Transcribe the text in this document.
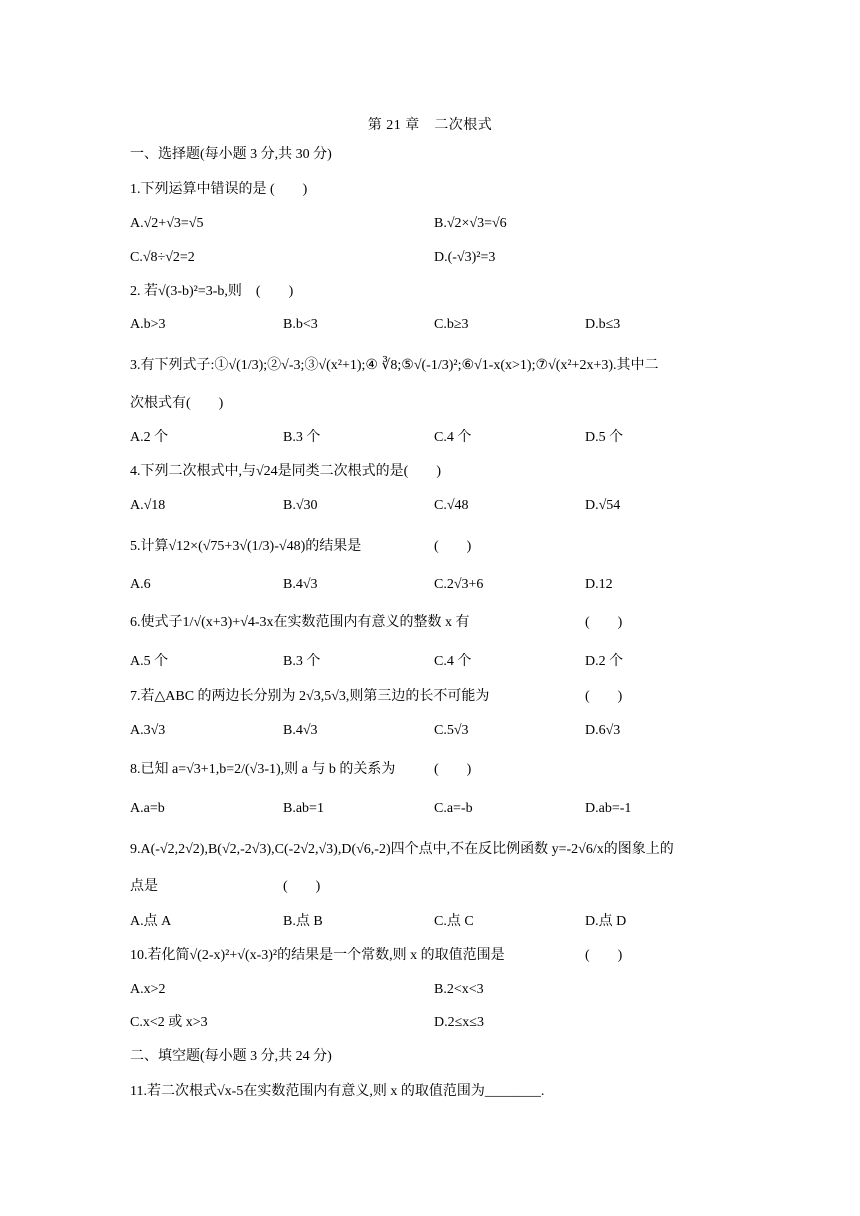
第 21 章　二次根式
一、选择题(每小题 3 分,共 30 分)
1.下列运算中错误的是 (　　)
A.√2+√3=√5	B.√2×√3=√6
C.√8÷√2=2	D.(-√3)²=3
2. 若√(3-b)²=3-b,则　(　　)
A.b>3	B.b<3	C.b≥3	D.b≤3
3.有下列式子:①√(1/3);②√-3;③√(x²+1);④ ∛8;⑤√(-1/3)²;⑥√1-x(x>1);⑦√(x²+2x+3).其中二
次根式有(　　)
A.2 个	B.3 个	C.4 个	D.5 个
4.下列二次根式中,与√24是同类二次根式的是(　　)
A.√18	B.√30	C.√48	D.√54
5.计算√12×(√75+3√(1/3)-√48)的结果是	(　　)
A.6	B.4√3	C.2√3+6	D.12
6.使式子1/√(x+3)+√4-3x在实数范围内有意义的整数 x 有	(　　)
A.5 个	B.3 个	C.4 个	D.2 个
7.若△ABC 的两边长分别为 2√3,5√3,则第三边的长不可能为	(　　)
A.3√3	B.4√3	C.5√3	D.6√3
8.已知 a=√3+1,b=2/(√3-1),则 a 与 b 的关系为	(　　)
A.a=b	B.ab=1	C.a=-b	D.ab=-1
9.A(-√2,2√2),B(√2,-2√3),C(-2√2,√3),D(√6,-2)四个点中,不在反比例函数 y=-2√6/x的图象上的
点是	(　　)
A.点 A	B.点 B	C.点 C	D.点 D
10.若化简√(2-x)²+√(x-3)²的结果是一个常数,则 x 的取值范围是	(　　)
A.x>2	B.2<x<3
C.x<2 或 x>3	D.2≤x≤3
二、填空题(每小题 3 分,共 24 分)
11.若二次根式√x-5在实数范围内有意义,则 x 的取值范围为________.
